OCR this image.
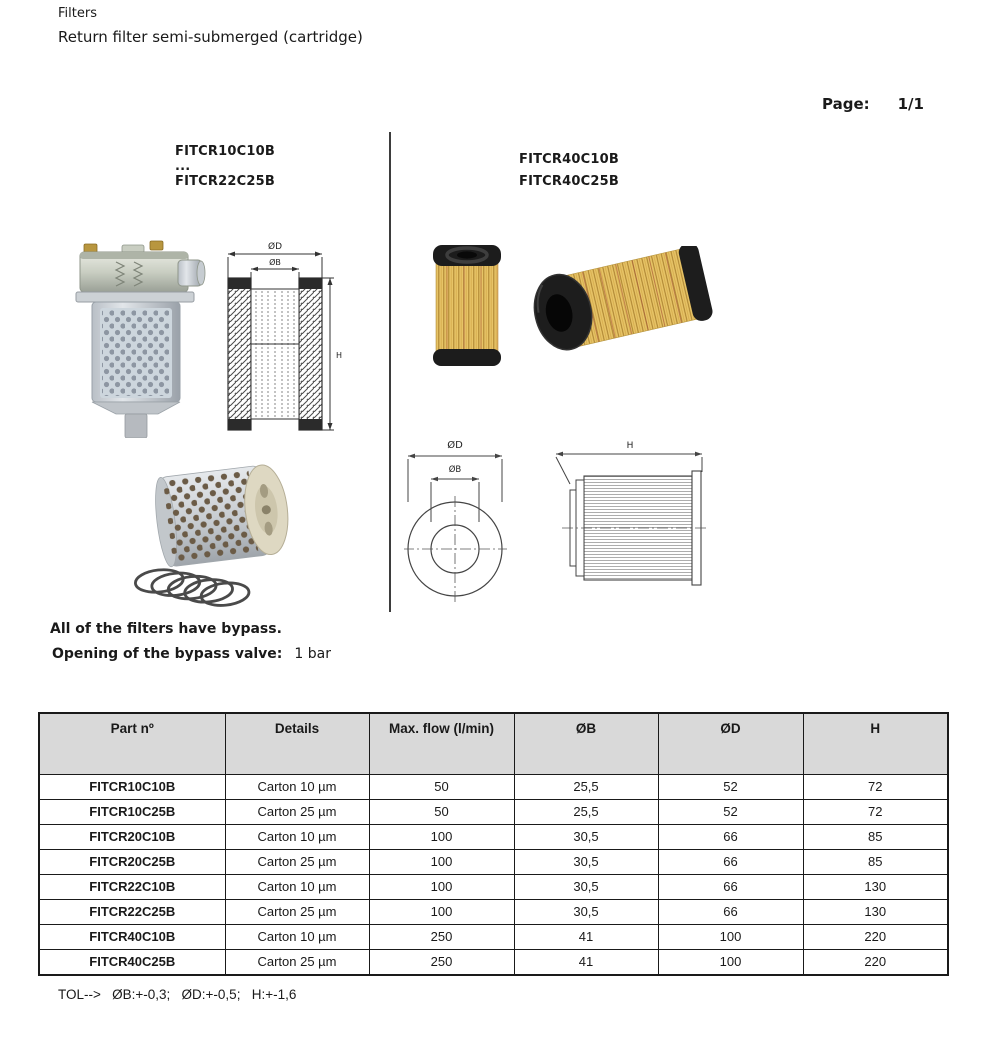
Filters
Return filter semi-submerged (cartridge)
Page: 1/1
FITCR10C10B
...
FITCR22C25B
FITCR40C10B
FITCR40C25B
ØD
ØB
H
ØD
ØB
H
All of the filters have bypass.
Opening of the bypass valve: 1 bar
Part nº	Details	Max. flow (l/min)	ØB	ØD	H
FITCR10C10B	Carton 10 µm	50	25,5	52	72
FITCR10C25B	Carton 25 µm	50	25,5	52	72
FITCR20C10B	Carton 10 µm	100	30,5	66	85
FITCR20C25B	Carton 25 µm	100	30,5	66	85
FITCR22C10B	Carton 10 µm	100	30,5	66	130
FITCR22C25B	Carton 25 µm	100	30,5	66	130
FITCR40C10B	Carton 10 µm	250	41	100	220
FITCR40C25B	Carton 25 µm	250	41	100	220
TOL-->   ØB:+-0,3;   ØD:+-0,5;   H:+-1,6
